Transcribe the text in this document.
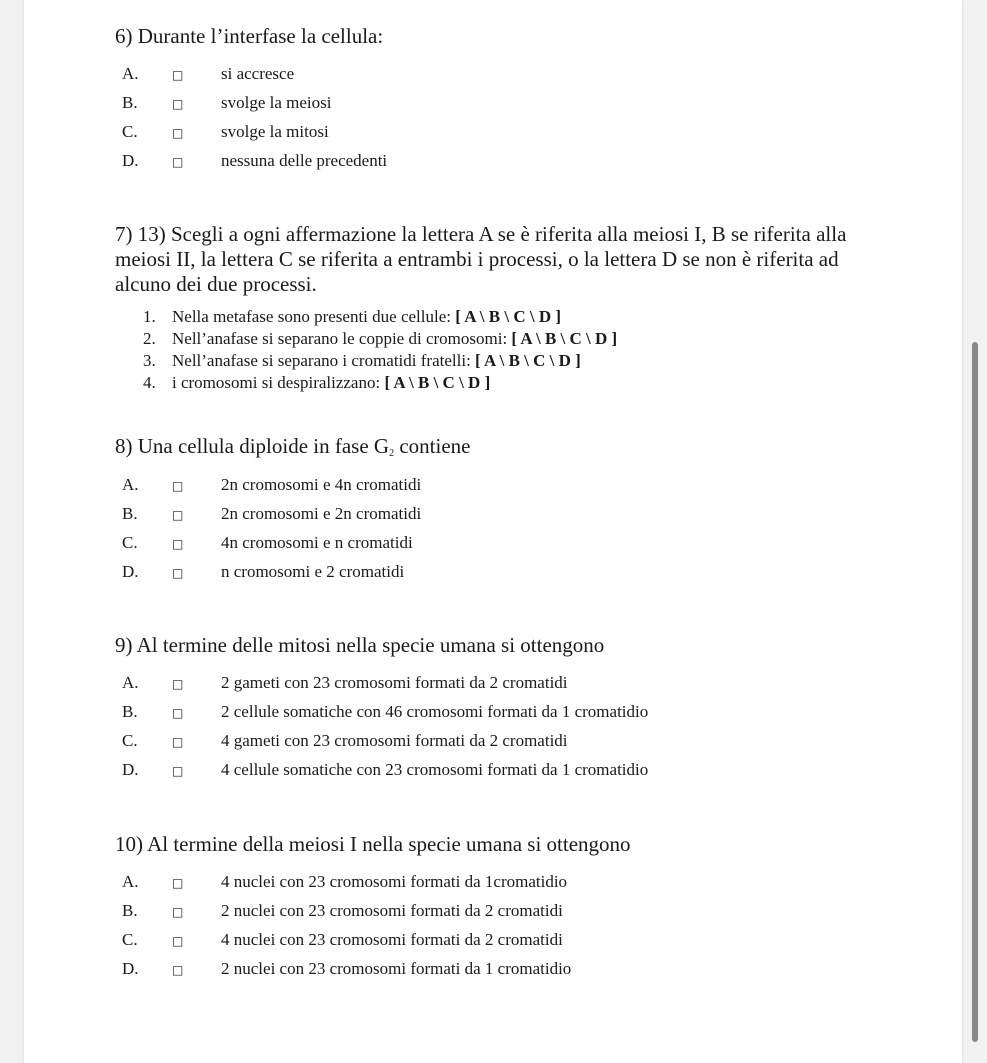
6) Durante l’interfase la cellula:
A.	□ si accresce
B.	□ svolge la meiosi
C.	□ svolge la mitosi
D.	□ nessuna delle precedenti
7) 13) Scegli a ogni affermazione la lettera A se è riferita alla meiosi I, B se riferita alla meiosi II, la lettera C se riferita a entrambi i processi, o la lettera D se non è riferita ad alcuno dei due processi.
1. Nella metafase sono presenti due cellule: [ A \ B \ C \ D ]
2. Nell’anafase si separano le coppie di cromosomi: [ A \ B \ C \ D ]
3. Nell’anafase si separano i cromatidi fratelli: [ A \ B \ C \ D ]
4. i cromosomi si despiralizzano: [ A \ B \ C \ D ]
8) Una cellula diploide in fase $G_2$ contiene
A.	□ 2n cromosomi e 4n cromatidi
B.	□ 2n cromosomi e 2n cromatidi
C.	□ 4n cromosomi e n cromatidi
D.	□ n cromosomi e 2 cromatidi
9) Al termine delle mitosi nella specie umana si ottengono
A.	□ 2 gameti con 23 cromosomi formati da 2 cromatidi
B.	□ 2 cellule somatiche con 46 cromosomi formati da 1 cromatidio
C.	□ 4 gameti con 23 cromosomi formati da 2 cromatidi
D.	□ 4 cellule somatiche con 23 cromosomi formati da 1 cromatidio
10) Al termine della meiosi I nella specie umana si ottengono
A.	□ 4 nuclei con 23 cromosomi formati da 1cromatidio
B.	□ 2 nuclei con 23 cromosomi formati da 2 cromatidi
C.	□ 4 nuclei con 23 cromosomi formati da 2 cromatidi
D.	□ 2 nuclei con 23 cromosomi formati da 1 cromatidio
